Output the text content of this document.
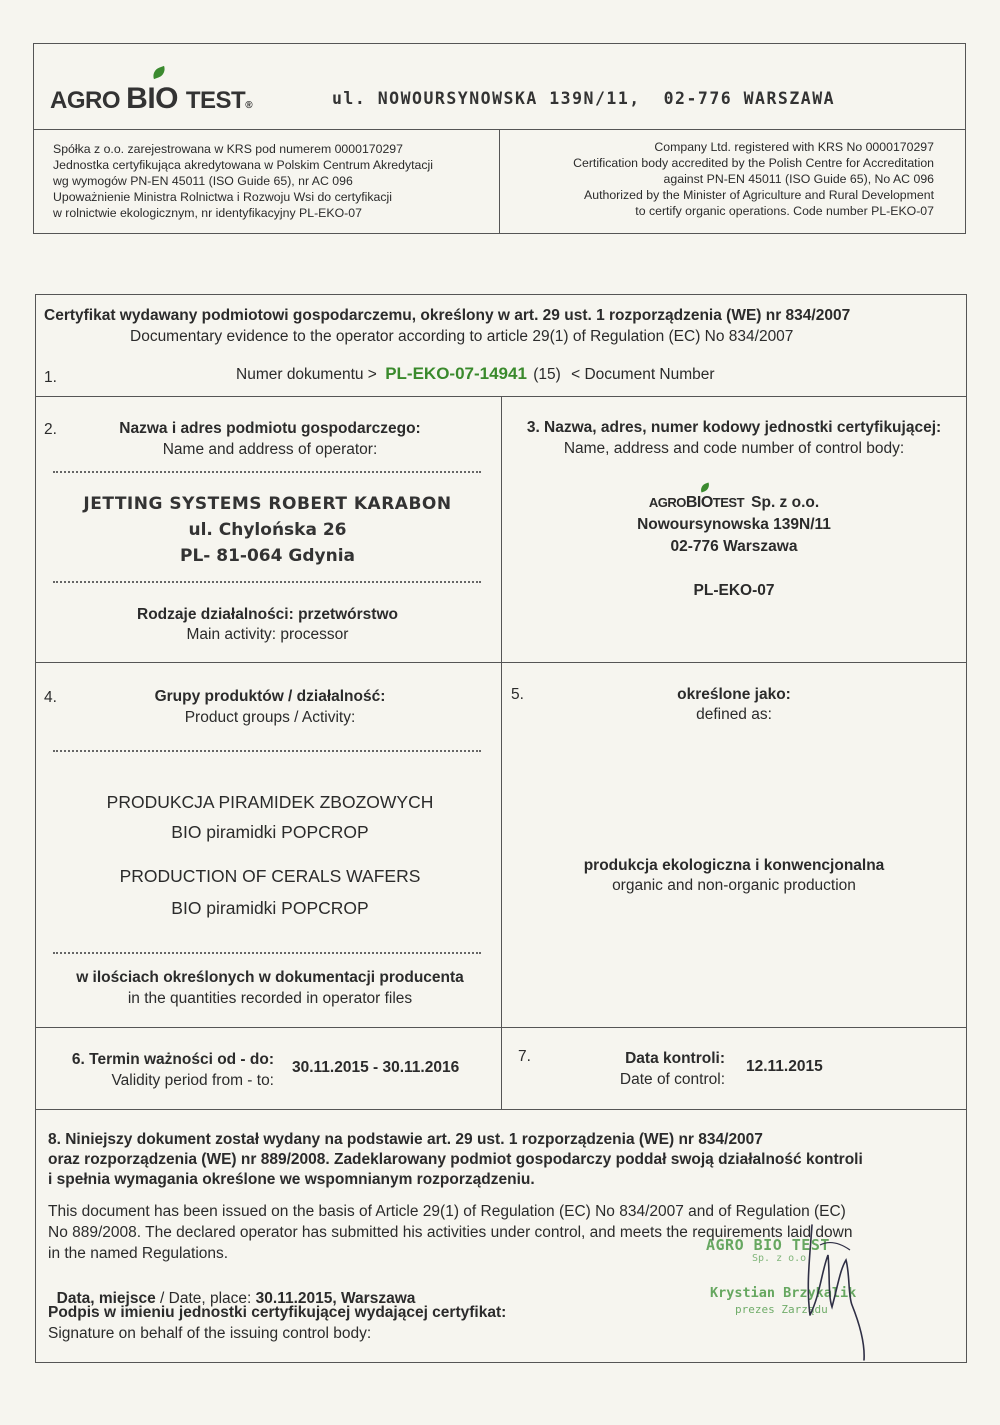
AGRO BIO TEST®	ul. NOWOURSYNOWSKA 139N/11,  02-776 WARSZAWA
Spółka z o.o. zarejestrowana w KRS pod numerem 0000170297
Jednostka certyfikująca akredytowana w Polskim Centrum Akredytacji
wg wymogów PN-EN 45011 (ISO Guide 65), nr AC 096
Upoważnienie Ministra Rolnictwa i Rozwoju Wsi do certyfikacji
w rolnictwie ekologicznym, nr identyfikacyjny PL-EKO-07
Company Ltd. registered with KRS No 0000170297
Certification body accredited by the Polish Centre for Accreditation
against PN-EN 45011 (ISO Guide 65), No AC 096
Authorized by the Minister of Agriculture and Rural Development
to certify organic operations. Code number PL-EKO-07
Certyfikat wydawany podmiotowi gospodarczemu, określony w art. 29 ust. 1 rozporządzenia (WE) nr 834/2007
Documentary evidence to the operator according to article 29(1) of Regulation (EC) No 834/2007
1.	Numer dokumentu > PL-EKO-07-14941 (15) < Document Number
2.	Nazwa i adres podmiotu gospodarczego:
Name and address of operator:
JETTING SYSTEMS ROBERT KARABON
ul. Chylońska 26
PL- 81-064 Gdynia
Rodzaje działalności: przetwórstwo
Main activity: processor
3. Nazwa, adres, numer kodowy jednostki certyfikującej:
Name, address and code number of control body:
AGRO
BIOTEST Sp. z o.o.
Nowoursynowska 139N/11
02-776 Warszawa
PL-EKO-07
4.	Grupy produktów / działalność:
Product groups / Activity:
PRODUKCJA PIRAMIDEK ZBOZOWYCH
BIO piramidki POPCROP
PRODUCTION OF CERALS WAFERS
BIO piramidki POPCROP
w ilościach określonych w dokumentacji producenta
in the quantities recorded in operator files
5.	określone jako:
defined as:
produkcja ekologiczna i konwencjonalna
organic and non-organic production
6. Termin ważności od - do:
Validity period from - to:
30.11.2015 - 30.11.2016
7.	Data kontroli:
Date of control:
12.11.2015
8. Niniejszy dokument został wydany na podstawie art. 29 ust. 1 rozporządzenia (WE) nr 834/2007
oraz rozporządzenia (WE) nr 889/2008. Zadeklarowany podmiot gospodarczy poddał swoją działalność kontroli
i spełnia wymagania określone we wspomnianym rozporządzeniu.
This document has been issued on the basis of Article 29(1) of Regulation (EC) No 834/2007 and of Regulation (EC)
No 889/2008. The declared operator has submitted his activities under control, and meets the requirements laid down
in the named Regulations.

Data, miejsce / Date, place: 30.11.2015, Warszawa

Podpis w imieniu jednostki certyfikującej wydającej certyfikat:
Signature on behalf of the issuing control body:
AGRO BIO TEST
Sp. z o.o.
Krystian Brzykalik
prezes Zarządu
